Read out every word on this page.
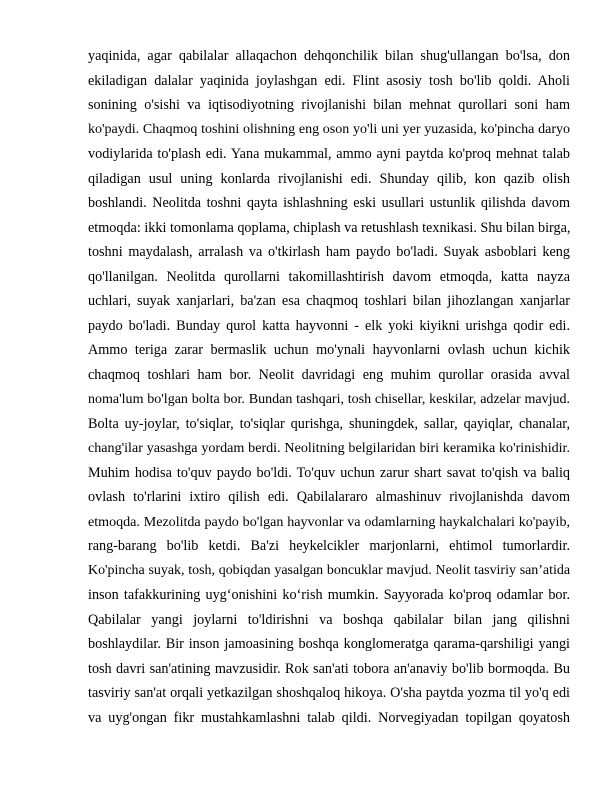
yaqinida, agar qabilalar allaqachon dehqonchilik bilan shug'ullangan bo'lsa, don
ekiladigan dalalar yaqinida joylashgan edi. Flint asosiy tosh bo'lib qoldi. Aholi
sonining o'sishi va iqtisodiyotning rivojlanishi bilan mehnat qurollari soni ham
ko'paydi. Chaqmoq toshini olishning eng oson yo'li uni yer yuzasida, ko'pincha daryo
vodiylarida to'plash edi. Yana mukammal, ammo ayni paytda ko'proq mehnat talab
qiladigan usul uning konlarda rivojlanishi edi. Shunday qilib, kon qazib olish
boshlandi. Neolitda toshni qayta ishlashning eski usullari ustunlik qilishda davom
etmoqda: ikki tomonlama qoplama, chiplash va retushlash texnikasi. Shu bilan birga,
toshni maydalash, arralash va o'tkirlash ham paydo bo'ladi. Suyak asboblari keng
qo'llanilgan. Neolitda qurollarni takomillashtirish davom etmoqda, katta nayza
uchlari, suyak xanjarlari, ba'zan esa chaqmoq toshlari bilan jihozlangan xanjarlar
paydo bo'ladi. Bunday qurol katta hayvonni - elk yoki kiyikni urishga qodir edi.
Ammo teriga zarar bermaslik uchun mo'ynali hayvonlarni ovlash uchun kichik
chaqmoq toshlari ham bor. Neolit davridagi eng muhim qurollar orasida avval
noma'lum bo'lgan bolta bor. Bundan tashqari, tosh chisellar, keskilar, adzelar mavjud.
Bolta uy-joylar, to'siqlar, to'siqlar qurishga, shuningdek, sallar, qayiqlar, chanalar,
chang'ilar yasashga yordam berdi. Neolitning belgilaridan biri keramika ko'rinishidir.
Muhim hodisa to'quv paydo bo'ldi. To'quv uchun zarur shart savat to'qish va baliq
ovlash to'rlarini ixtiro qilish edi. Qabilalararo almashinuv rivojlanishda davom
etmoqda. Mezolitda paydo bo'lgan hayvonlar va odamlarning haykalchalari ko'payib,
rang-barang bo'lib ketdi. Ba'zi heykelcikler marjonlarni, ehtimol tumorlardir.
Ko'pincha suyak, tosh, qobiqdan yasalgan boncuklar mavjud. Neolit tasviriy sanʼatida
inson tafakkurining uygʻonishini koʻrish mumkin. Sayyorada ko'proq odamlar bor.
Qabilalar yangi joylarni to'ldirishni va boshqa qabilalar bilan jang qilishni
boshlaydilar. Bir inson jamoasining boshqa konglomeratga qarama-qarshiligi yangi
tosh davri san'atining mavzusidir. Rok san'ati tobora an'anaviy bo'lib bormoqda. Bu
tasviriy san'at orqali yetkazilgan shoshqaloq hikoya. O'sha paytda yozma til yo'q edi
va uyg'ongan fikr mustahkamlashni talab qildi. Norvegiyadan topilgan qoyatosh
